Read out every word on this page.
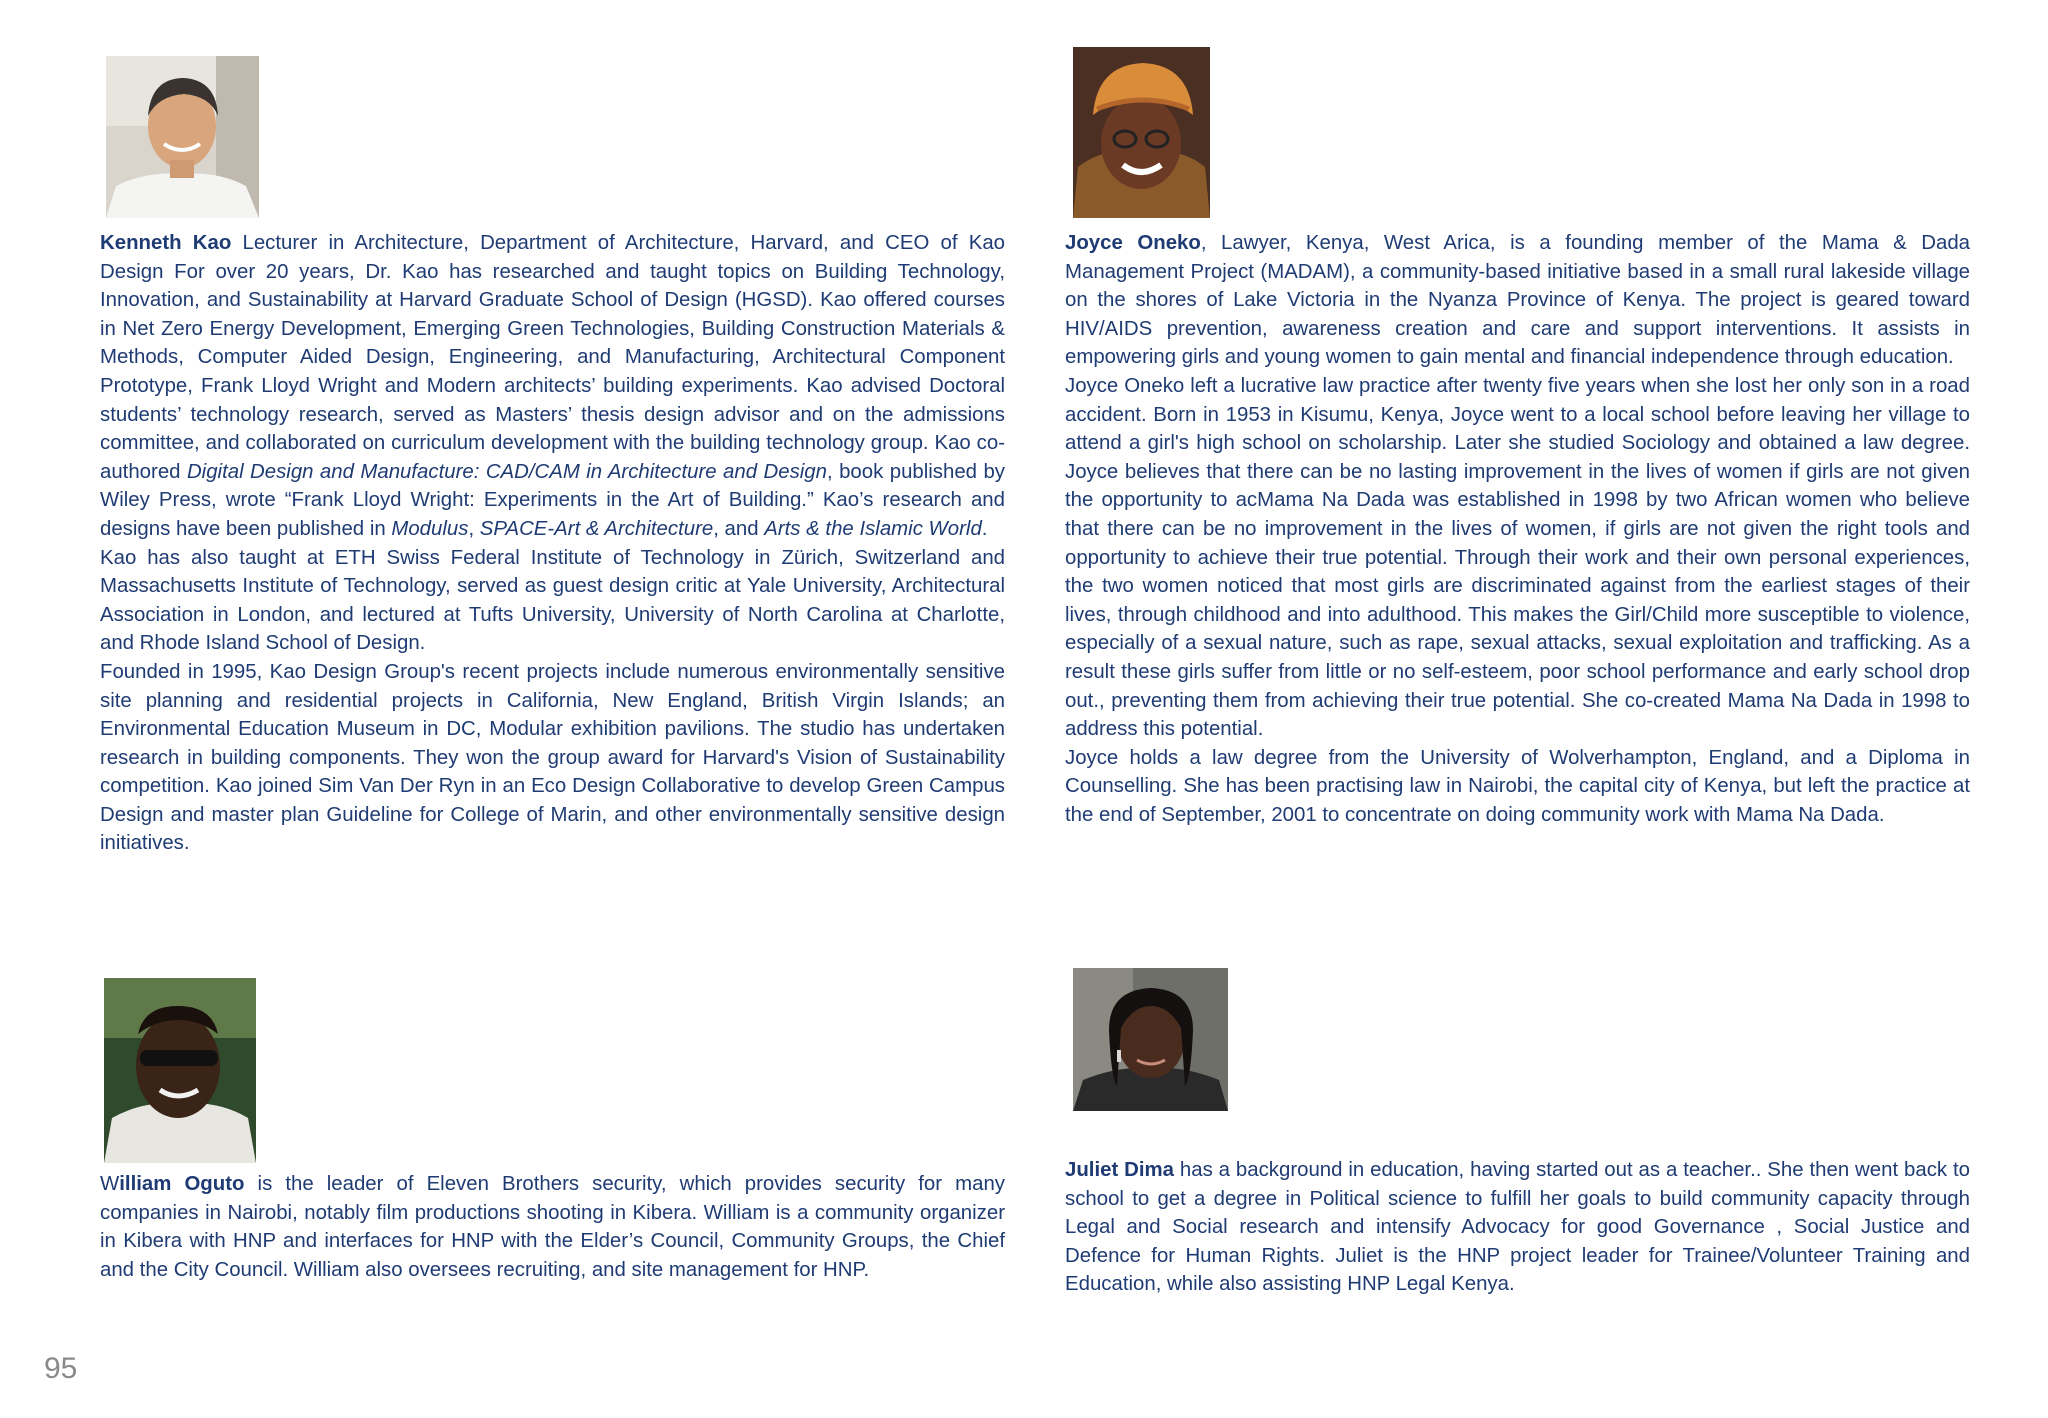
Kenneth Kao Lecturer in Architecture, Department of Architecture, Harvard, and CEO of Kao Design For over 20 years, Dr. Kao has researched and taught topics on Building Technology, Innovation, and Sustainability at Harvard Graduate School of Design (HGSD). Kao offered courses in Net Zero Energy Development, Emerging Green Technologies, Building Construction Materials & Methods, Computer Aided Design, Engineering, and Manufacturing, Architectural Component Prototype, Frank Lloyd Wright and Modern architects’ building experiments. Kao advised Doctoral students’ technology research, served as Masters’ thesis design advisor and on the admissions committee, and collaborated on curriculum development with the building technology group. Kao co-authored Digital Design and Manufacture: CAD/CAM in Architecture and Design, book published by Wiley Press, wrote “Frank Lloyd Wright: Experiments in the Art of Building.” Kao’s research and designs have been published in Modulus, SPACE-Art & Architecture, and Arts & the Islamic World.

Kao has also taught at ETH Swiss Federal Institute of Technology in Zürich, Switzerland and Massachusetts Institute of Technology, served as guest design critic at Yale University, Architectural Association in London, and lectured at Tufts University, University of North Carolina at Charlotte, and Rhode Island School of Design.

Founded in 1995, Kao Design Group's recent projects include numerous environmentally sensitive site planning and residential projects in California, New England, British Virgin Islands; an Environmental Education Museum in DC, Modular exhibition pavilions. The studio has undertaken research in building components. They won the group award for Harvard's Vision of Sustainability competition. Kao joined Sim Van Der Ryn in an Eco Design Collaborative to develop Green Campus Design and master plan Guideline for College of Marin, and other environmentally sensitive design initiatives.

Joyce Oneko, Lawyer, Kenya, West Arica, is a founding member of the Mama & Dada Management Project (MADAM), a community-based initiative based in a small rural lakeside village on the shores of Lake Victoria in the Nyanza Province of Kenya. The project is geared toward HIV/AIDS prevention, awareness creation and care and support interventions. It assists in empowering girls and young women to gain mental and financial independence through education.

Joyce Oneko left a lucrative law practice after twenty five years when she lost her only son in a road accident. Born in 1953 in Kisumu, Kenya, Joyce went to a local school before leaving her village to attend a girl's high school on scholarship. Later she studied Sociology and obtained a law degree. Joyce believes that there can be no lasting improvement in the lives of women if girls are not given the opportunity to acMama Na Dada was established in 1998 by two African women who believe that there can be no improvement in the lives of women, if girls are not given the right tools and opportunity to achieve their true potential. Through their work and their own personal experiences, the two women noticed that most girls are discriminated against from the earliest stages of their lives, through childhood and into adulthood. This makes the Girl/Child more susceptible to violence, especially of a sexual nature, such as rape, sexual attacks, sexual exploitation and trafficking. As a result these girls suffer from little or no self-esteem, poor school performance and early school drop out., preventing them from achieving their true potential. She co-created Mama Na Dada in 1998 to address this potential.

Joyce holds a law degree from the University of Wolverhampton, England, and a Diploma in Counselling. She has been practising law in Nairobi, the capital city of Kenya, but left the practice at the end of September, 2001 to concentrate on doing community work with Mama Na Dada.

William Oguto is the leader of Eleven Brothers security, which provides security for many companies in Nairobi, notably film productions shooting in Kibera. William is a community organizer in Kibera with HNP and interfaces for HNP with the Elder’s Council, Community Groups, the Chief and the City Council. William also oversees recruiting, and site management for HNP.

Juliet Dima has a background in education, having started out as a teacher.. She then went back to school to get a degree in Political science to fulfill her goals to build community capacity through Legal and Social research and intensify Advocacy for good Governance , Social Justice and Defence for Human Rights. Juliet is the HNP project leader for Trainee/Volunteer Training and Education, while also assisting HNP Legal Kenya.

95
